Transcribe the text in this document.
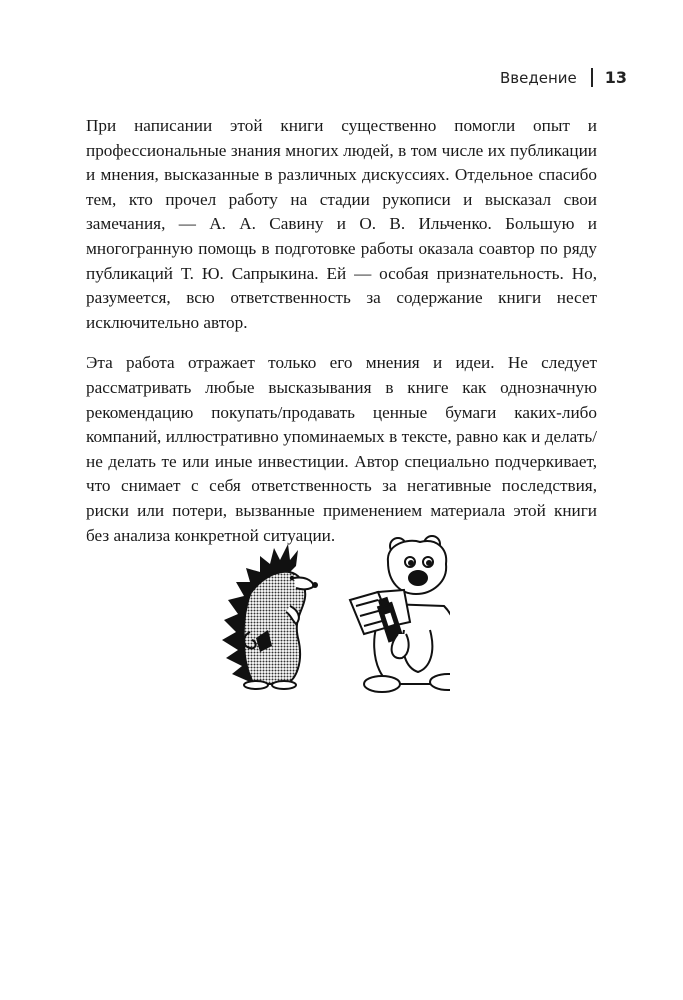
Введение 13

При написании этой книги существенно помогли опыт и профессиональные знания многих людей, в том числе их публикации и мнения, высказанные в различных дискуссиях. Отдельное спасибо тем, кто прочел работу на стадии рукописи и высказал свои замечания, — А. А. Савину и О. В. Ильченко. Большую и многогранную помощь в подготовке работы оказала соавтор по ряду публикаций Т. Ю. Сапрыкина. Ей — особая признательность. Но, разумеется, всю ответственность за содержание книги несет исключительно автор.

Эта работа отражает только его мнения и идеи. Не следует рассматривать любые высказывания в книге как однозначную рекомендацию покупать/продавать ценные бумаги каких-либо компаний, иллюстративно упоминаемых в тексте, равно как и делать/не делать те или иные инвестиции. Автор специально подчеркивает, что снимает с себя ответственность за негативные последствия, риски или потери, вызванные применением материала этой книги без анализа конкретной ситуации.
